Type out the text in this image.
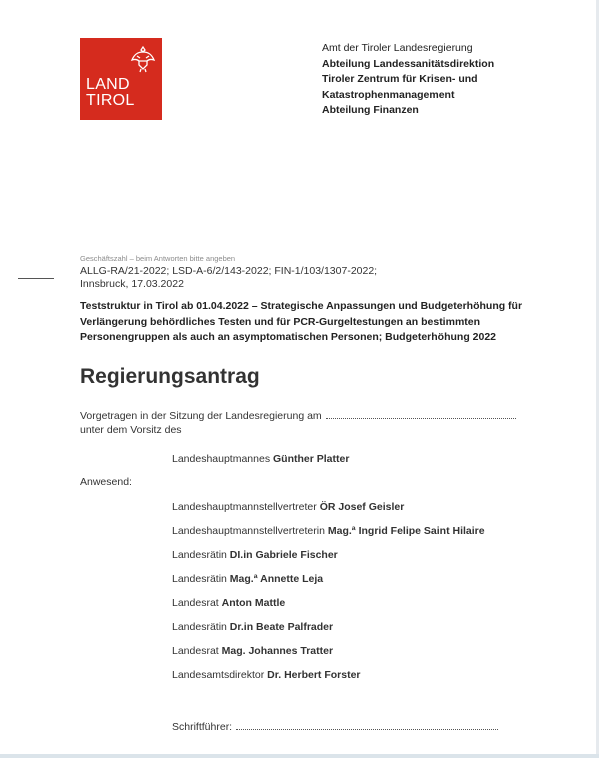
LAND
TIROL
Amt der Tiroler Landesregierung
Abteilung Landessanitätsdirektion
Tiroler Zentrum für Krisen- und
Katastrophenmanagement
Abteilung Finanzen
Geschäftszahl – beim Antworten bitte angeben
ALLG-RA/21-2022; LSD-A-6/2/143-2022; FIN-1/103/1307-2022;
Innsbruck, 17.03.2022
Teststruktur in Tirol ab 01.04.2022 – Strategische Anpassungen und Budgeterhöhung für Verlängerung behördliches Testen und für PCR-Gurgeltestungen an bestimmten Personengruppen als auch an asymptomatischen Personen; Budgeterhöhung 2022
Regierungsantrag
Vorgetragen in der Sitzung der Landesregierung am
unter dem Vorsitz des
Landeshauptmannes Günther Platter
Anwesend:
Landeshauptmannstellvertreter ÖR Josef Geisler
Landeshauptmannstellvertreterin Mag.ª Ingrid Felipe Saint Hilaire
Landesrätin DI.in Gabriele Fischer
Landesrätin Mag.ª Annette Leja
Landesrat Anton Mattle
Landesrätin Dr.in Beate Palfrader
Landesrat Mag. Johannes Tratter
Landesamtsdirektor Dr. Herbert Forster
Schriftführer:
